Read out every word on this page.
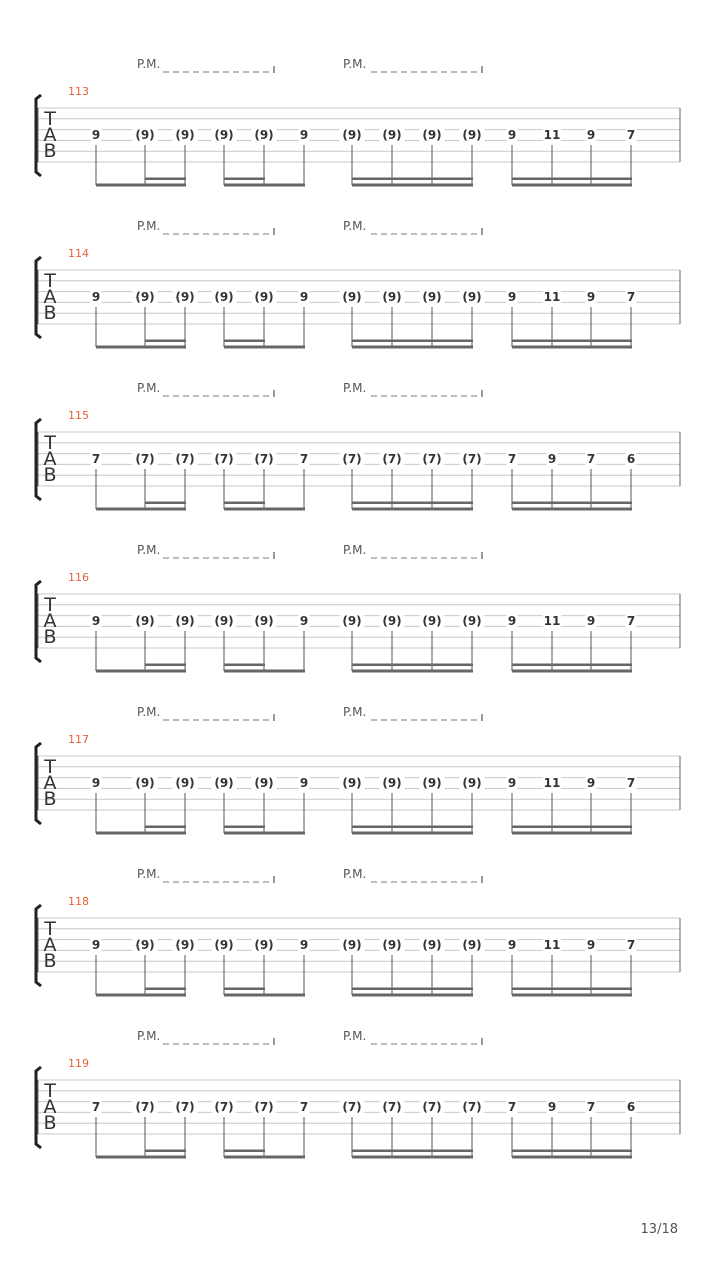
P.M.	P.M.
113
T
A
B
9	(9) (9) (9) (9) 9	(9) (9) (9) (9) 9 11 9	7
P.M.	P.M.
114
T
A
B
9	(9) (9) (9) (9) 9	(9) (9) (9) (9) 9 11 9	7
P.M.	P.M.
115
T
A
B
7	(7) (7) (7) (7) 7	(7) (7) (7) (7) 7	9	7	6
P.M.	P.M.
116
T
A
B
9	(9) (9) (9) (9) 9	(9) (9) (9) (9) 9 11 9	7
P.M.	P.M.
117
T
A
B
9	(9) (9) (9) (9) 9	(9) (9) (9) (9) 9 11 9	7
P.M.	P.M.
118
T
A
B
9	(9) (9) (9) (9) 9	(9) (9) (9) (9) 9 11 9	7
P.M.	P.M.
119
T
A
B
7	(7) (7) (7) (7) 7	(7) (7) (7) (7) 7	9	7	6
13/18
